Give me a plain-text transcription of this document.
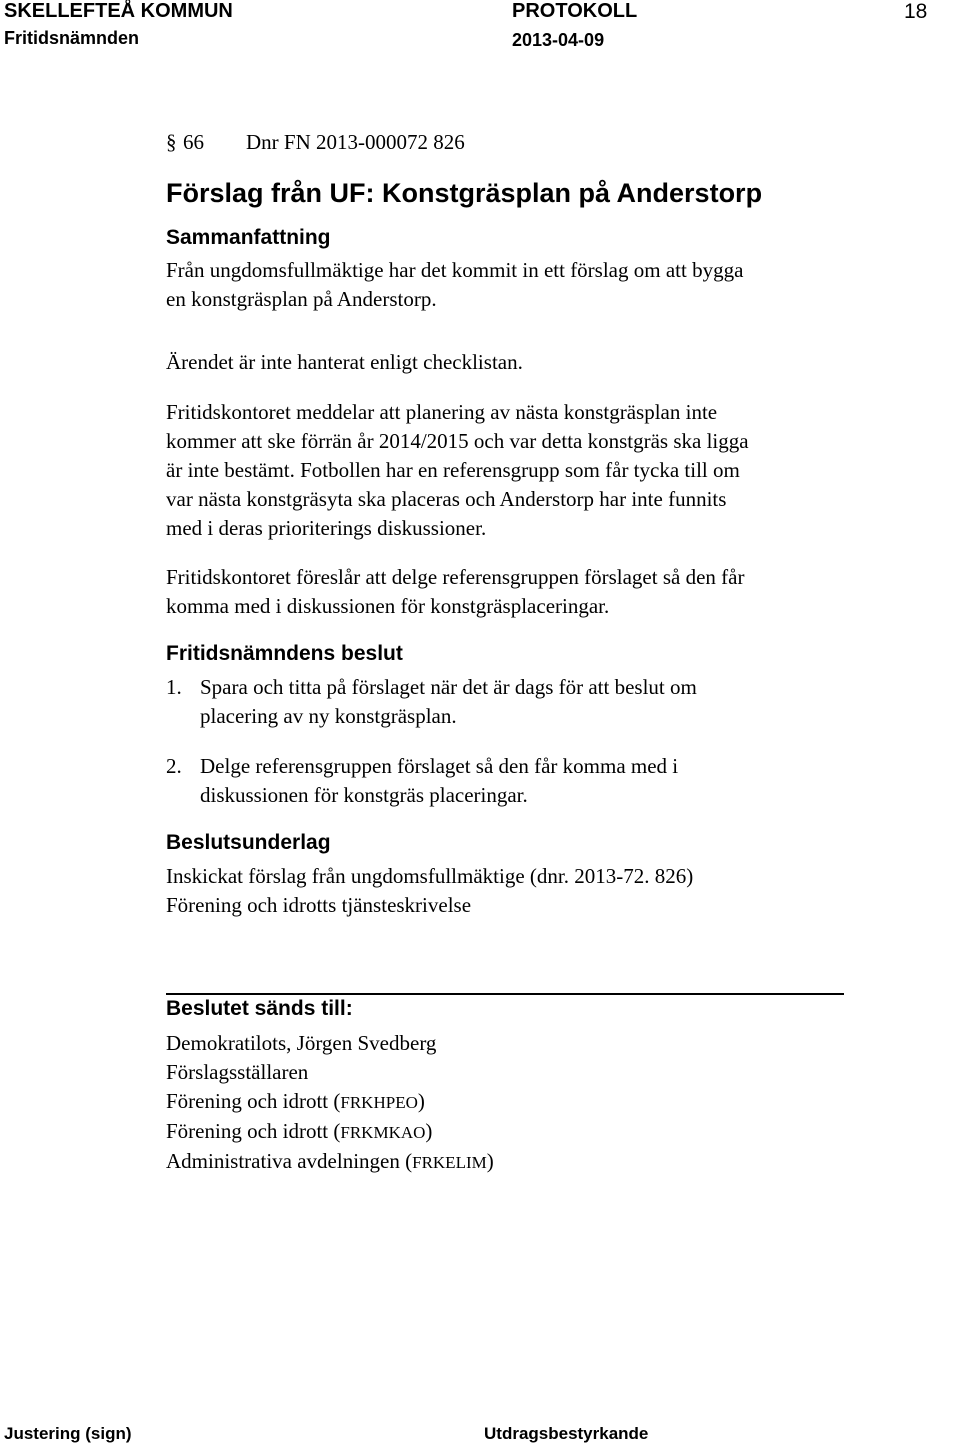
SKELLEFTEÅ KOMMUN	PROTOKOLL	18
Fritidsnämnden	2013-04-09
§ 66 Dnr FN 2013-000072 826
Förslag från UF: Konstgräsplan på Anderstorp
Sammanfattning
Från ungdomsfullmäktige har det kommit in ett förslag om att bygga
en konstgräsplan på Anderstorp.
Ärendet är inte hanterat enligt checklistan.
Fritidskontoret meddelar att planering av nästa konstgräsplan inte
kommer att ske förrän år 2014/2015 och var detta konstgräs ska ligga
är inte bestämt. Fotbollen har en referensgrupp som får tycka till om
var nästa konstgräsyta ska placeras och Anderstorp har inte funnits
med i deras prioriterings diskussioner.
Fritidskontoret föreslår att delge referensgruppen förslaget så den får
komma med i diskussionen för konstgräsplaceringar.
Fritidsnämndens beslut
1. Spara och titta på förslaget när det är dags för att beslut om
placering av ny konstgräsplan.
2. Delge referensgruppen förslaget så den får komma med i
diskussionen för konstgräs placeringar.
Beslutsunderlag
Inskickat förslag från ungdomsfullmäktige (dnr. 2013-72. 826)
Förening och idrotts tjänsteskrivelse
Beslutet sänds till:
Demokratilots, Jörgen Svedberg
Förslagsställaren
Förening och idrott (FRKHPEO)
Förening och idrott (FRKMKAO)
Administrativa avdelningen (FRKELIM)
Justering (sign)	Utdragsbestyrkande
